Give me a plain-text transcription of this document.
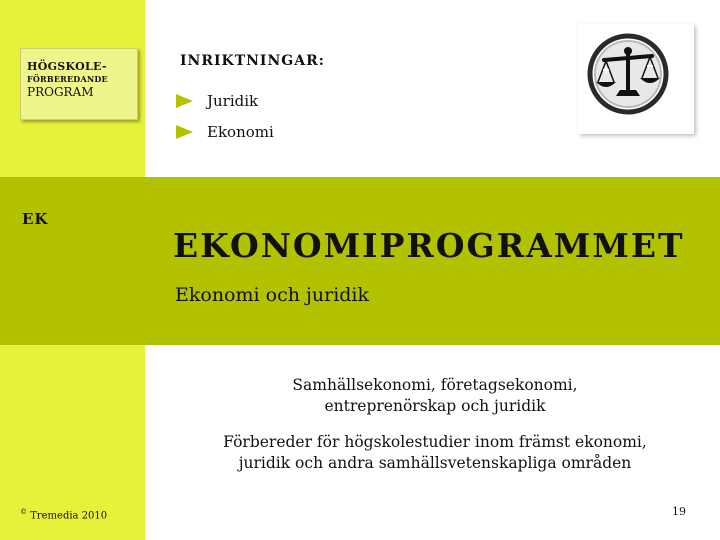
HÖGSKOLE-
FÖRBEREDANDE
PROGRAM
INRIKTNINGAR:
Juridik
Ekonomi
EK
EKONOMIPROGRAMMET
Ekonomi och juridik
Samhällsekonomi, företagsekonomi,
entreprenörskap och juridik
Förbereder för högskolestudier inom främst ekonomi,
juridik och andra samhällsvetenskapliga områden
© Tremedia 2010	19
